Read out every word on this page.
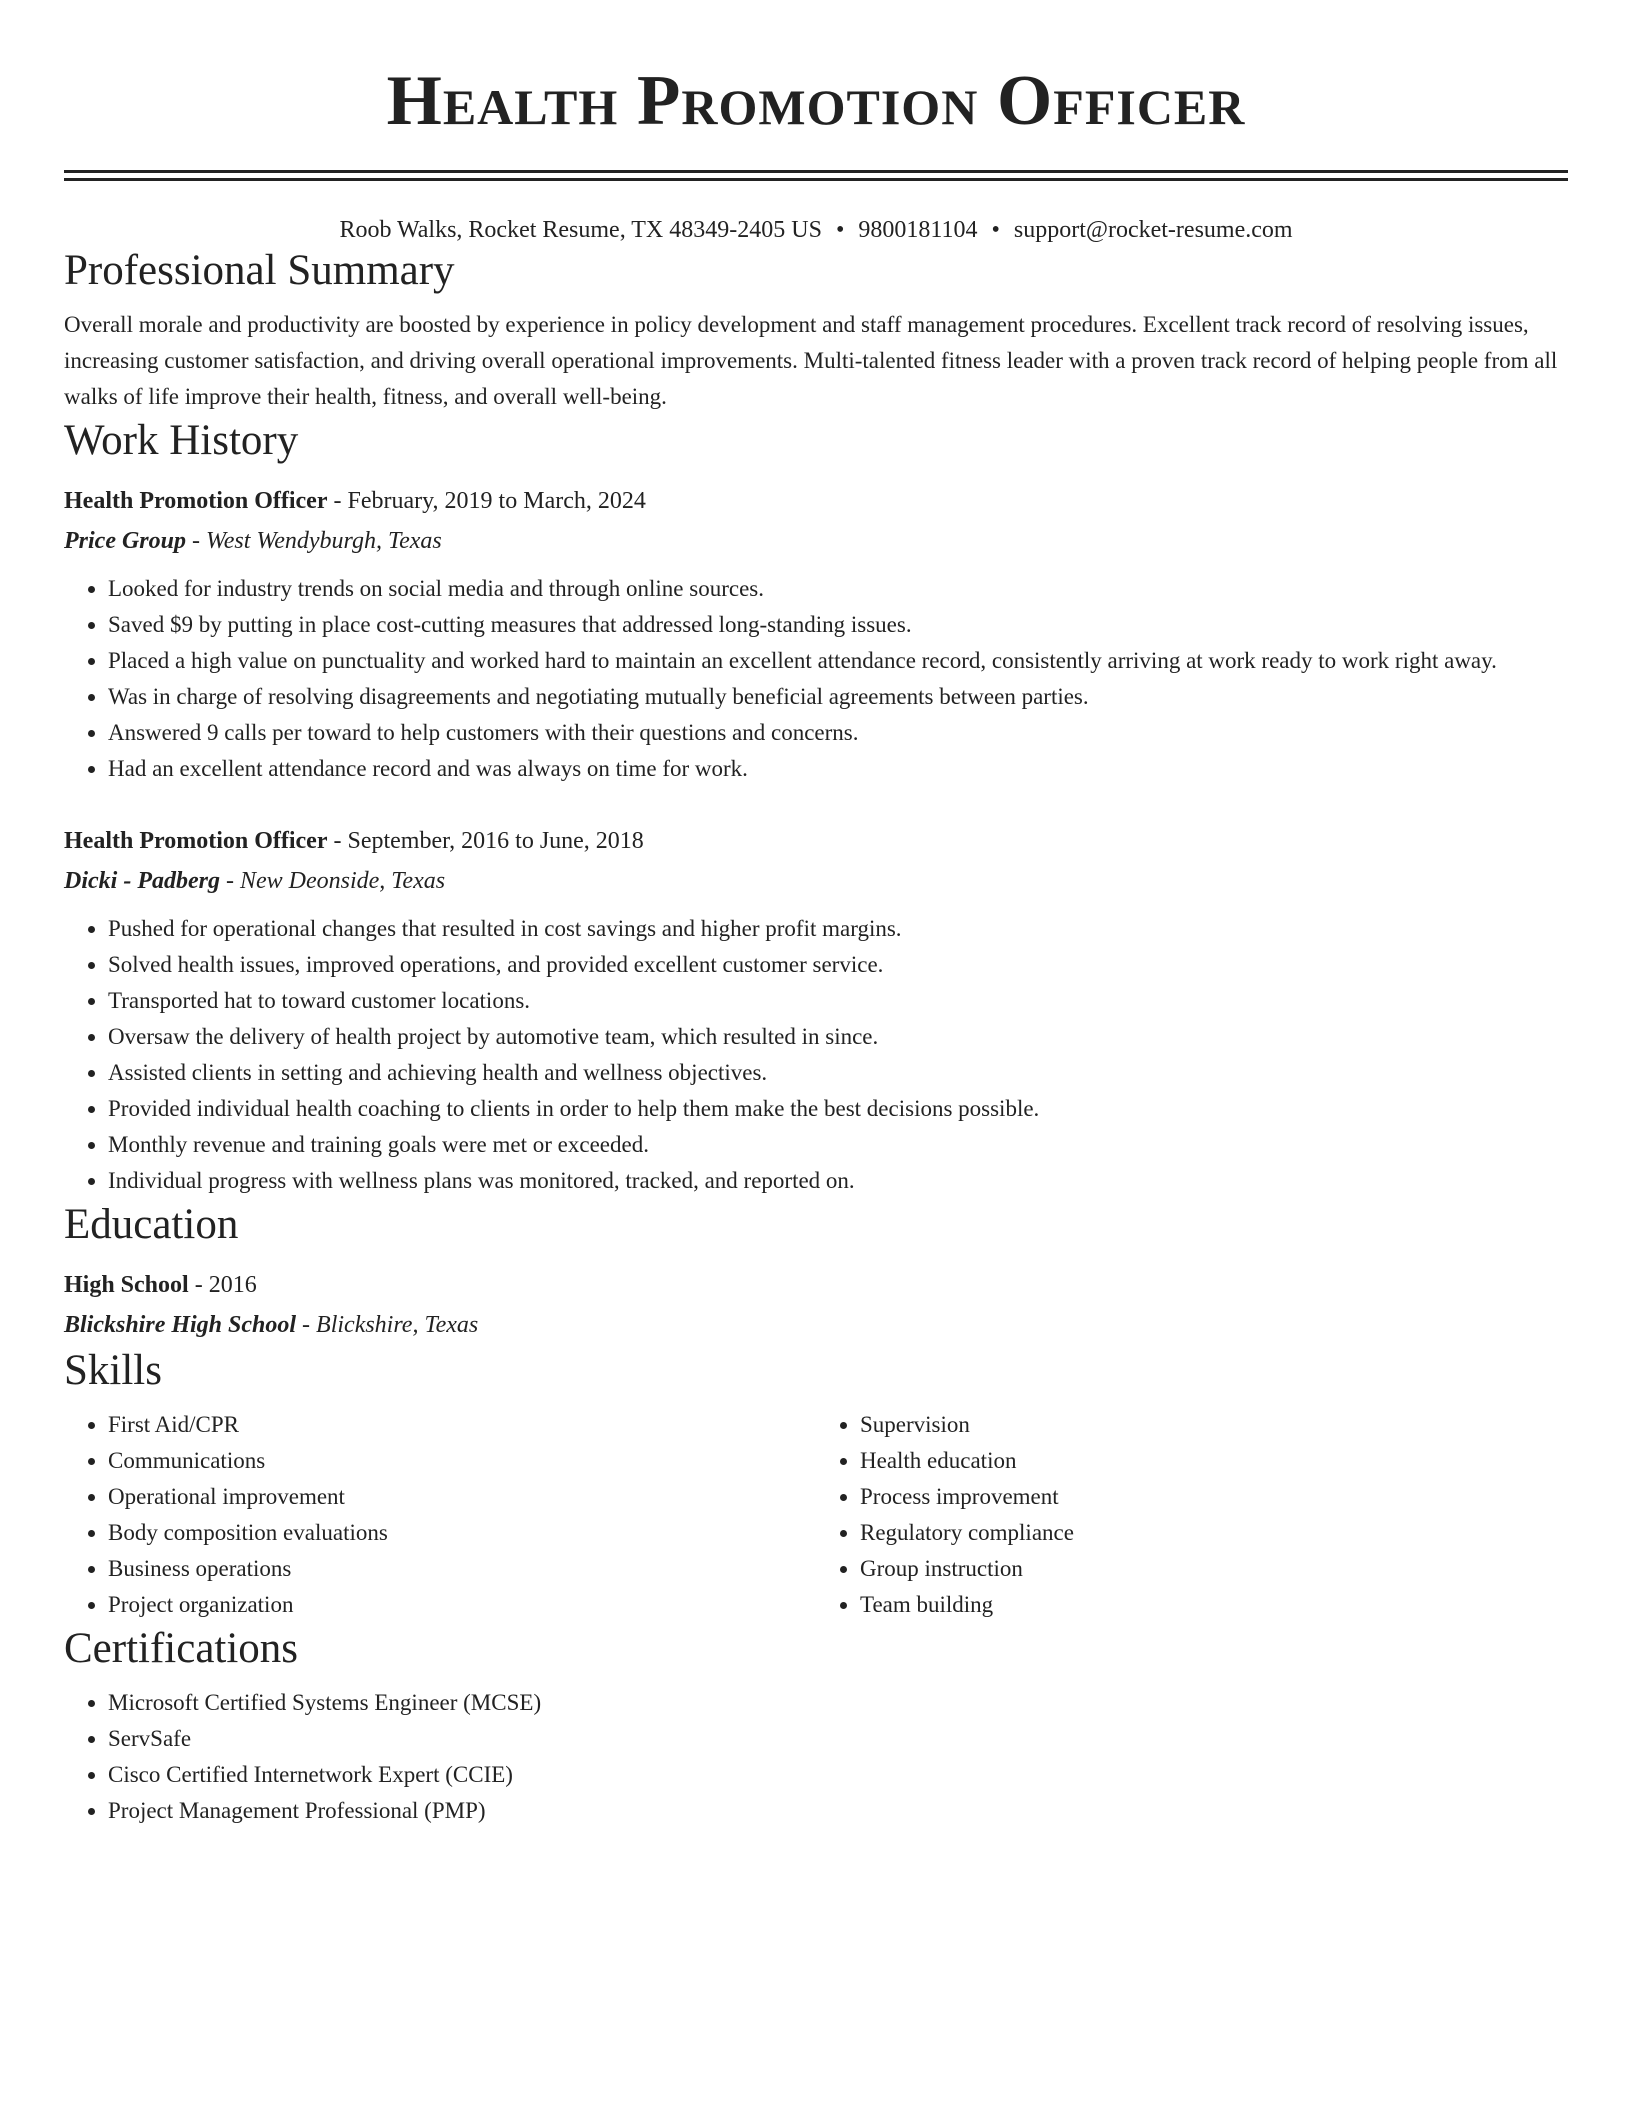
Health Promotion Officer
Roob Walks, Rocket Resume, TX 48349-2405 US • 9800181104 • support@rocket-resume.com
Professional Summary
Overall morale and productivity are boosted by experience in policy development and staff management procedures. Excellent track record of resolving issues, increasing customer satisfaction, and driving overall operational improvements. Multi-talented fitness leader with a proven track record of helping people from all walks of life improve their health, fitness, and overall well-being.
Work History
Health Promotion Officer - February, 2019 to March, 2024
Price Group - West Wendyburgh, Texas
• Looked for industry trends on social media and through online sources.
• Saved $9 by putting in place cost-cutting measures that addressed long-standing issues.
• Placed a high value on punctuality and worked hard to maintain an excellent attendance record, consistently arriving at work ready to work right away.
• Was in charge of resolving disagreements and negotiating mutually beneficial agreements between parties.
• Answered 9 calls per toward to help customers with their questions and concerns.
• Had an excellent attendance record and was always on time for work.
Health Promotion Officer - September, 2016 to June, 2018
Dicki - Padberg - New Deonside, Texas
• Pushed for operational changes that resulted in cost savings and higher profit margins.
• Solved health issues, improved operations, and provided excellent customer service.
• Transported hat to toward customer locations.
• Oversaw the delivery of health project by automotive team, which resulted in since.
• Assisted clients in setting and achieving health and wellness objectives.
• Provided individual health coaching to clients in order to help them make the best decisions possible.
• Monthly revenue and training goals were met or exceeded.
• Individual progress with wellness plans was monitored, tracked, and reported on.
Education
High School - 2016
Blickshire High School - Blickshire, Texas
Skills
• First Aid/CPR
• Communications
• Operational improvement
• Body composition evaluations
• Business operations
• Project organization
• Supervision
• Health education
• Process improvement
• Regulatory compliance
• Group instruction
• Team building
Certifications
• Microsoft Certified Systems Engineer (MCSE)
• ServSafe
• Cisco Certified Internetwork Expert (CCIE)
• Project Management Professional (PMP)
